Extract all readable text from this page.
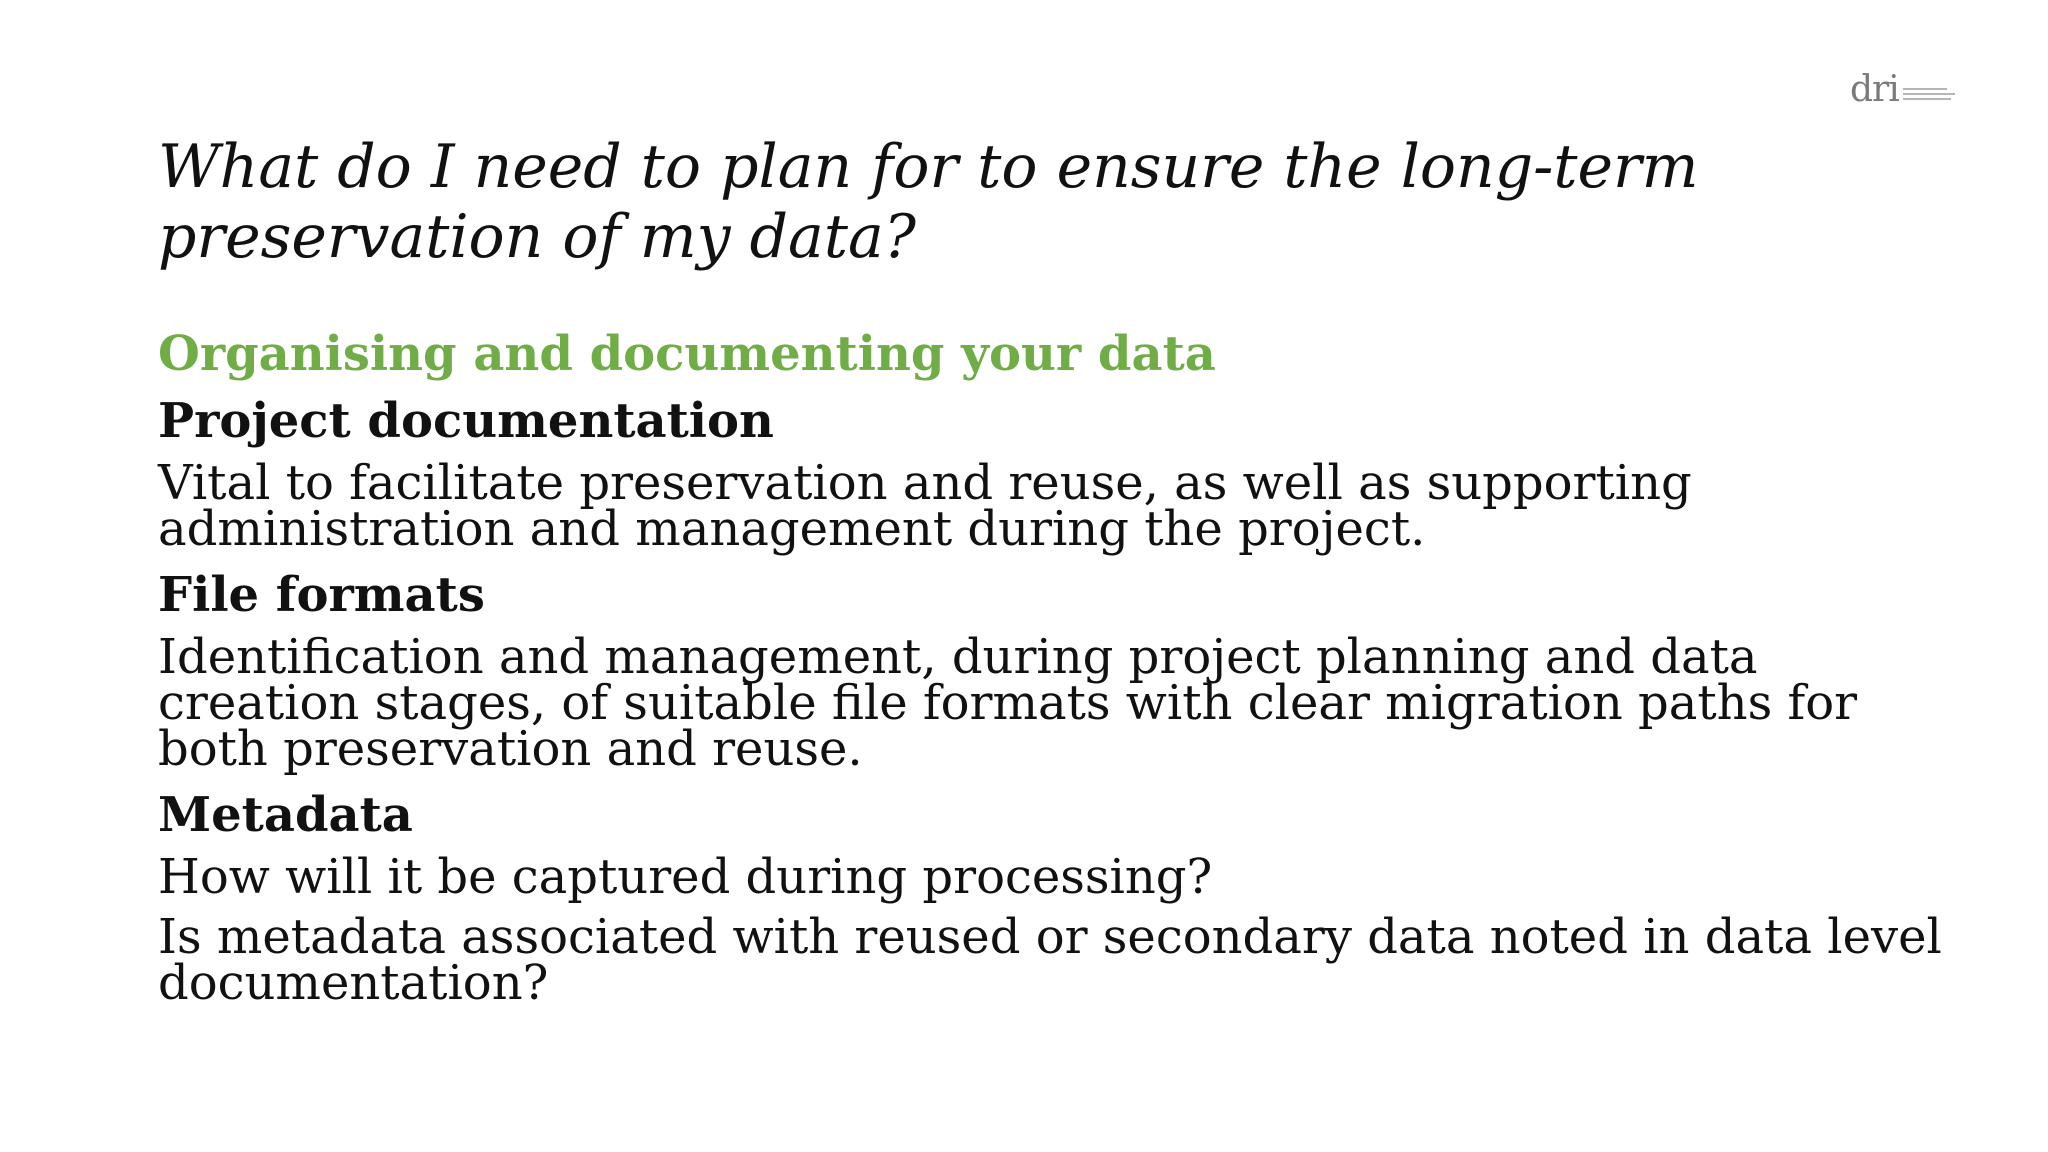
dri
What do I need to plan for to ensure the long-term preservation of my data?
Organising and documenting your data
Project documentation
Vital to facilitate preservation and reuse, as well as supporting administration and management during the project.
File formats
Identification and management, during project planning and data creation stages, of suitable file formats with clear migration paths for both preservation and reuse.
Metadata
How will it be captured during processing?
Is metadata associated with reused or secondary data noted in data level documentation?
